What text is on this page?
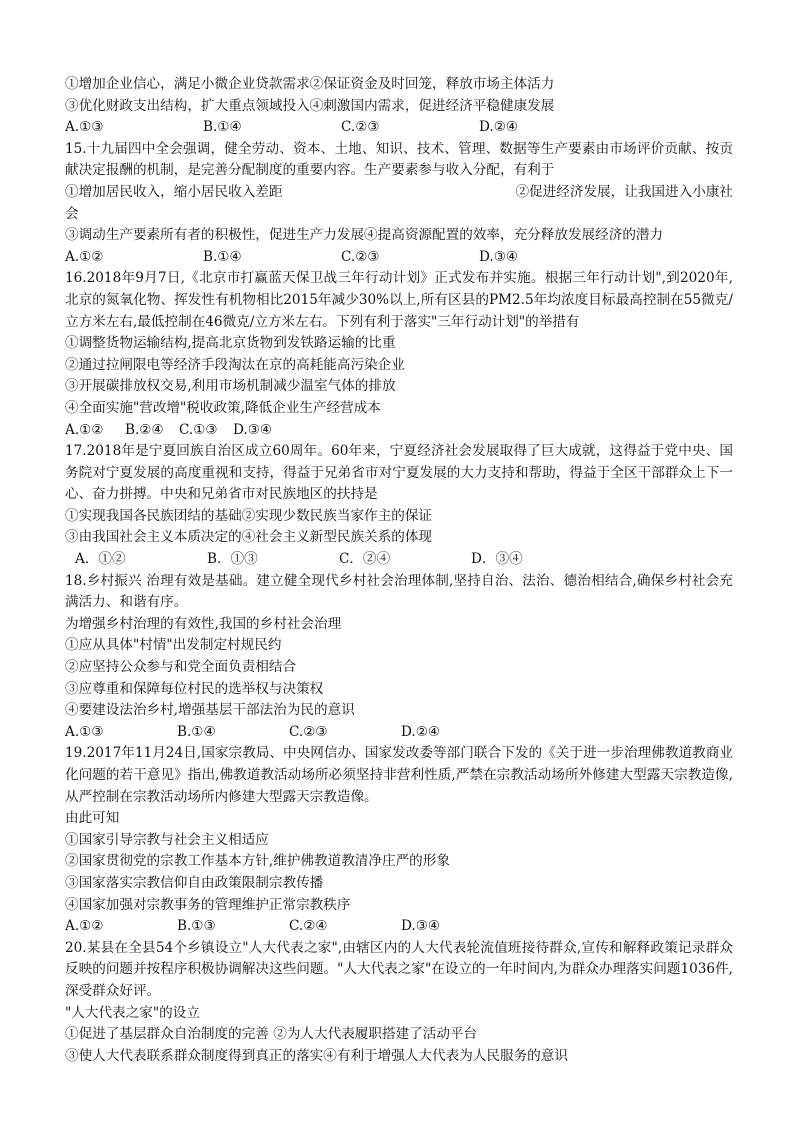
①增加企业信心，满足小微企业贷款需求②保证资金及时回笼，释放市场主体活力
③优化财政支出结构，扩大重点领域投入④刺激国内需求，促进经济平稳健康发展
A.①③	B.①④	C.②③	D.②④
15.十九届四中全会强调，健全劳动、资本、土地、知识、技术、管理、数据等生产要素由市场评价贡献、按贡献决定报酬的机制，是完善分配制度的重要内容。生产要素参与收入分配，有利于
①增加居民收入，缩小居民收入差距	②促进经济发展，让我国进入小康社
会
③调动生产要素所有者的积极性，促进生产力发展④提高资源配置的效率，充分释放发展经济的潜力
A.①②	B.①④	C.②③	D.③④
16.2018年9月7日,《北京市打赢蓝天保卫战三年行动计划》正式发布并实施。根据三年行动计划",到2020年,北京的氮氧化物、挥发性有机物相比2015年减少30%以上,所有区县的PM2.5年均浓度目标最高控制在55微克/立方米左右,最低控制在46微克/立方米左右。下列有利于落实"三年行动计划"的举措有
①调整货物运输结构,提高北京货物到发铁路运输的比重
②通过拉闸限电等经济手段淘汰在京的高耗能高污染企业
③开展碳排放权交易,利用市场机制减少温室气体的排放
④全面实施"营改增"税收政策,降低企业生产经营成本
A.①②	B.②④	C.①③	D.③④
17.2018年是宁夏回族自治区成立60周年。60年来，宁夏经济社会发展取得了巨大成就，这得益于党中央、国务院对宁夏发展的高度重视和支持，得益于兄弟省市对宁夏发展的大力支持和帮助，得益于全区干部群众上下一心、奋力拼搏。中央和兄弟省市对民族地区的扶持是
①实现我国各民族团结的基础②实现少数民族当家作主的保证
③由我国社会主义本质决定的④社会主义新型民族关系的体现
A．①②	B．①③	C．②④	D．③④
18.乡村振兴 治理有效是基础。建立健全现代乡村社会治理体制,坚持自治、法治、德治相结合,确保乡村社会充满活力、和谐有序。
为增强乡村治理的有效性,我国的乡村社会治理
①应从具体"村情"出发制定村规民约
②应坚持公众参与和党全面负责相结合
③应尊重和保障每位村民的选举权与决策权
④要建设法治乡村,增强基层干部法治为民的意识
A.①③	B.①④	C.②③	D.②④
19.2017年11月24日,国家宗教局、中央网信办、国家发改委等部门联合下发的《关于进一步治理佛教道教商业化问题的若干意见》指出,佛教道教活动场所必须坚持非营利性质,严禁在宗教活动场所外修建大型露天宗教造像,从严控制在宗教活动场所内修建大型露天宗教造像。
由此可知
①国家引导宗教与社会主义相适应
②国家贯彻党的宗教工作基本方针,维护佛教道教清净庄严的形象
③国家落实宗教信仰自由政策限制宗教传播
④国家加强对宗教事务的管理维护正常宗教秩序
A.①②	B.①③	C.②④	D.③④
20.某县在全县54个乡镇设立"人大代表之家",由辖区内的人大代表轮流值班接待群众,宣传和解释政策记录群众反映的问题并按程序积极协调解决这些问题。"人大代表之家"在设立的一年时间内,为群众办理落实问题1036件,深受群众好评。
"人大代表之家"的设立
①促进了基层群众自治制度的完善 ②为人大代表履职搭建了活动平台
③使人大代表联系群众制度得到真正的落实④有利于增强人大代表为人民服务的意识
